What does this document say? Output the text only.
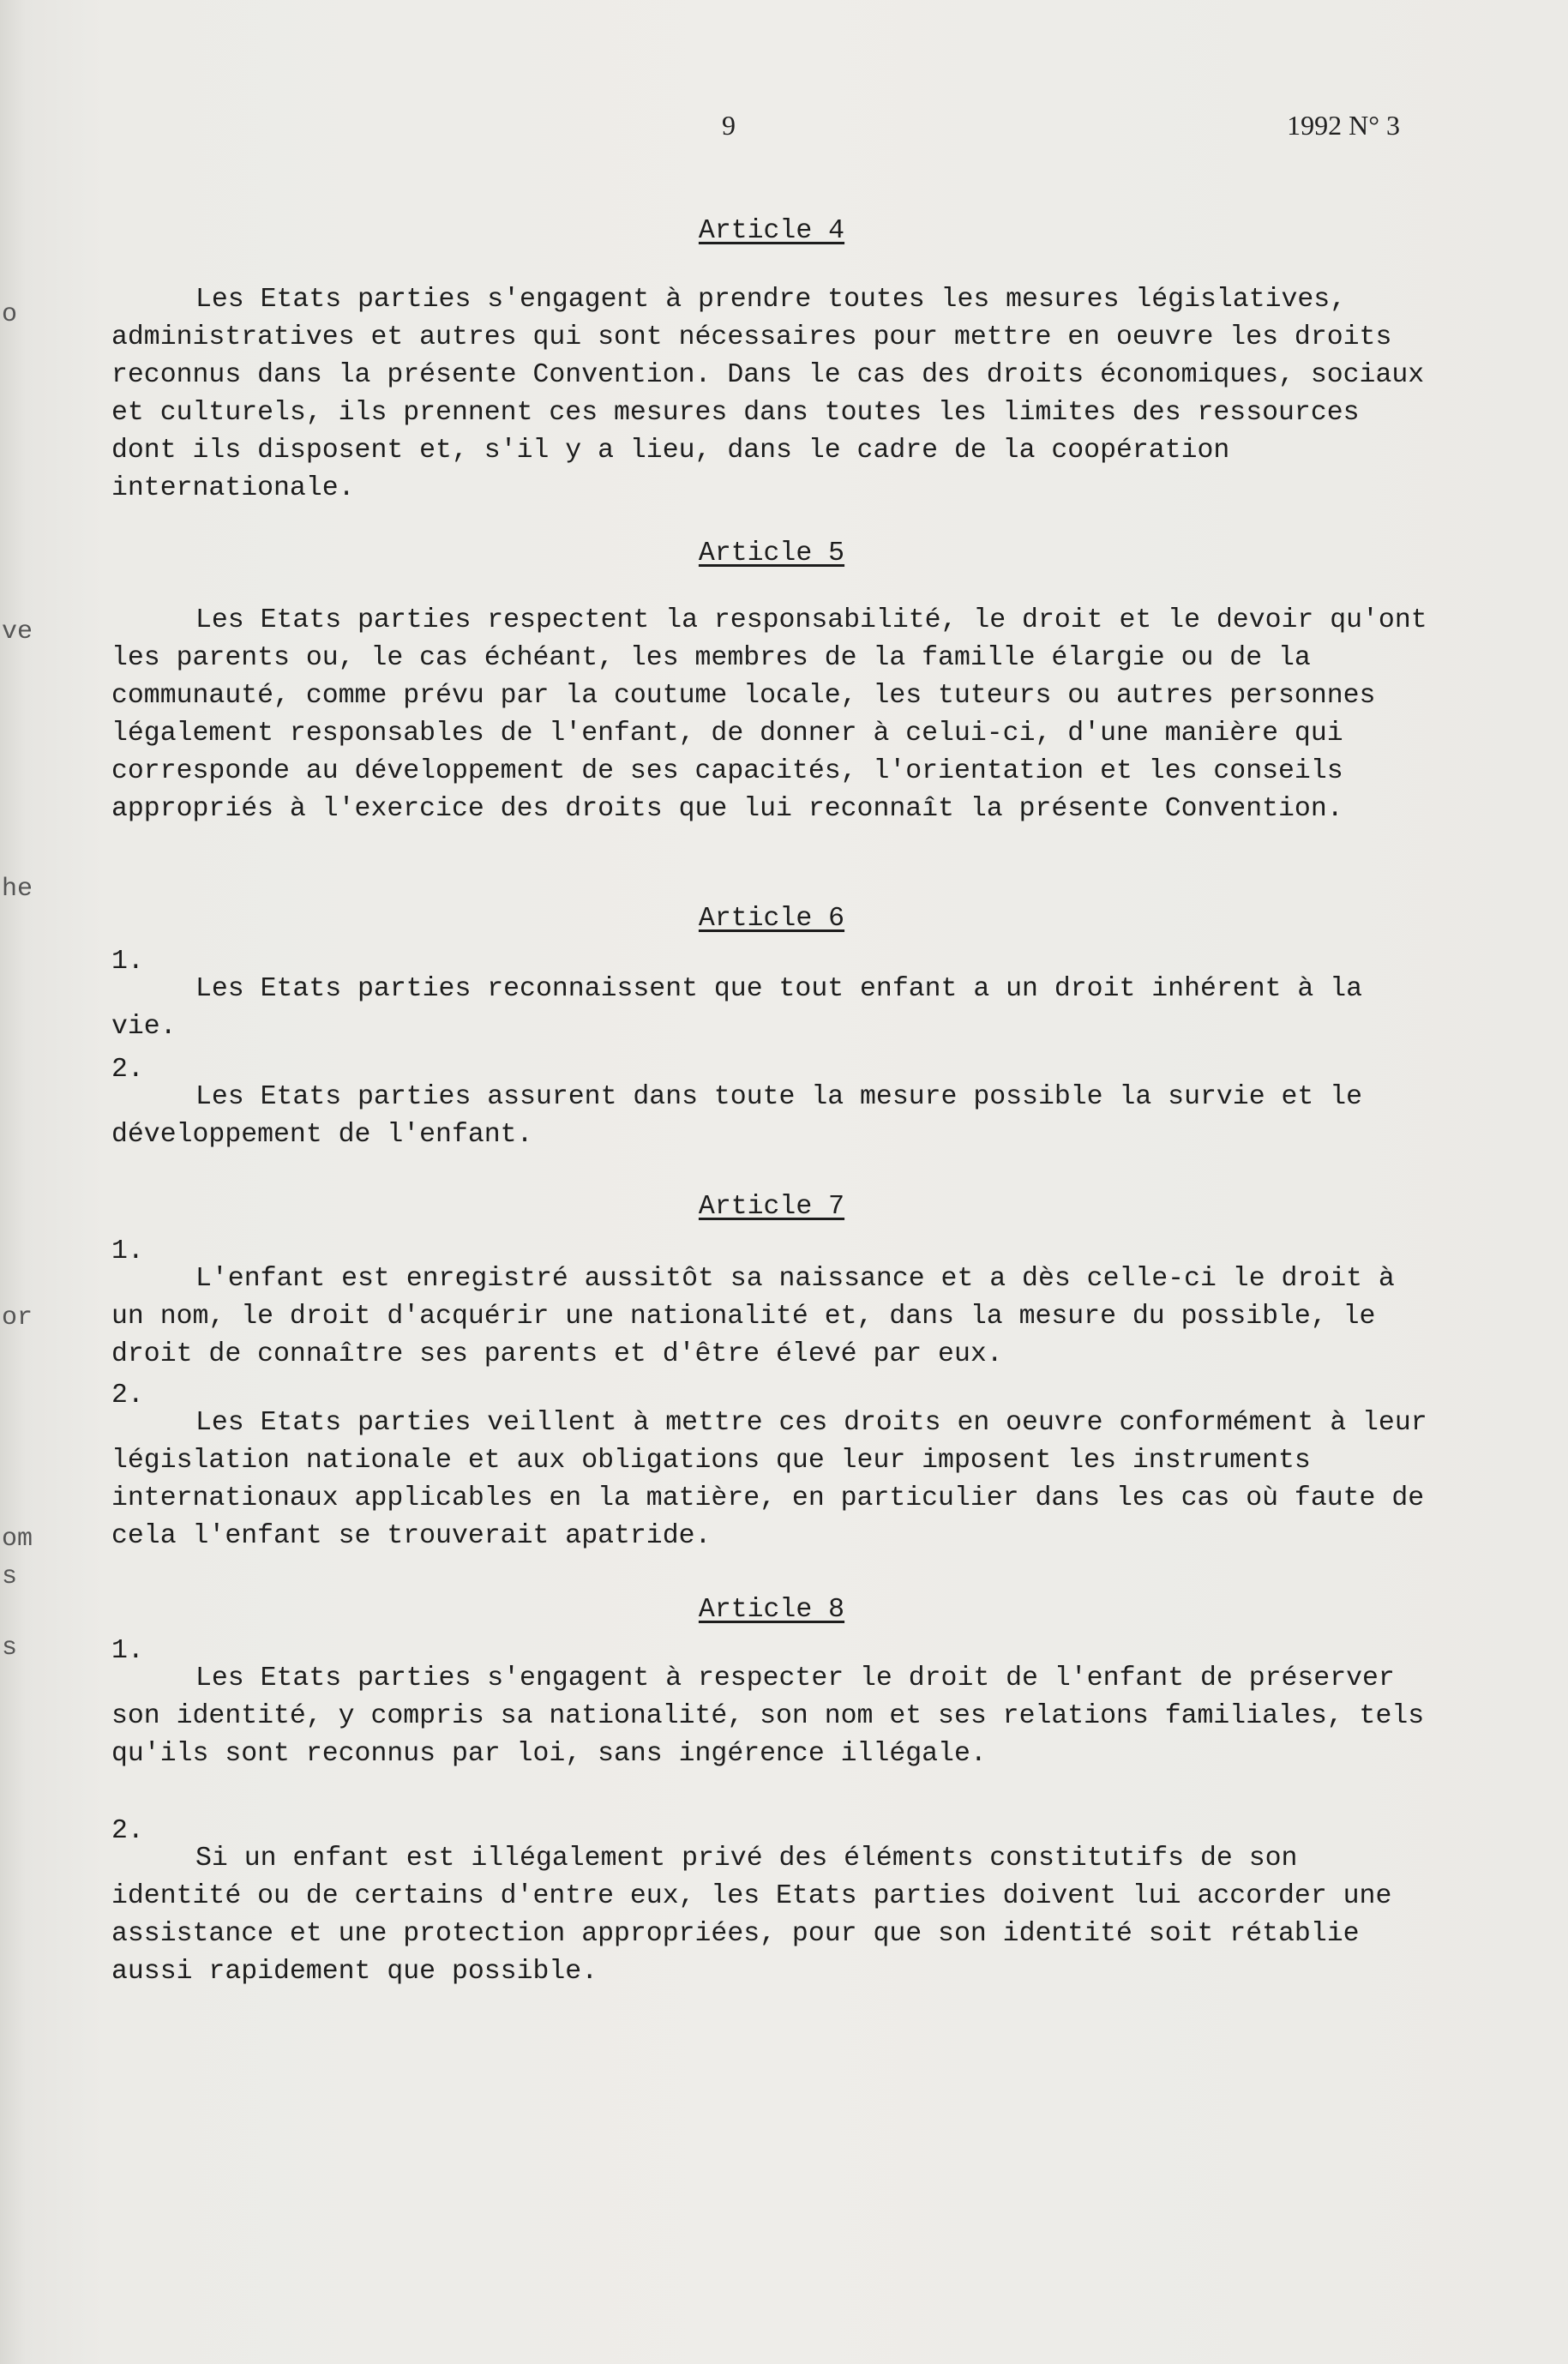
o
ve
he
or
om
s
s
9	1992 N° 3
Article 4
Les Etats parties s'engagent à prendre toutes les mesures législatives, administratives et autres qui sont nécessaires pour mettre en oeuvre les droits reconnus dans la présente Convention. Dans le cas des droits économiques, sociaux et culturels, ils prennent ces mesures dans toutes les limites des ressources dont ils disposent et, s'il y a lieu, dans le cadre de la coopération internationale.
Article 5
Les Etats parties respectent la responsabilité, le droit et le devoir qu'ont les parents ou, le cas échéant, les membres de la famille élargie ou de la communauté, comme prévu par la coutume locale, les tuteurs ou autres personnes légalement responsables de l'enfant, de donner à celui-ci, d'une manière qui corresponde au développement de ses capacités, l'orientation et les conseils appropriés à l'exercice des droits que lui reconnaît la présente Convention.
Article 6
1.
Les Etats parties reconnaissent que tout enfant a un droit inhérent à la vie.
2.
Les Etats parties assurent dans toute la mesure possible la survie et le développement de l'enfant.
Article 7
1.
L'enfant est enregistré aussitôt sa naissance et a dès celle-ci le droit à un nom, le droit d'acquérir une nationalité et, dans la mesure du possible, le droit de connaître ses parents et d'être élevé par eux.
2.
Les Etats parties veillent à mettre ces droits en oeuvre conformément à leur législation nationale et aux obligations que leur imposent les instruments internationaux applicables en la matière, en particulier dans les cas où faute de cela l'enfant se trouverait apatride.
Article 8
1.
Les Etats parties s'engagent à respecter le droit de l'enfant de préserver son identité, y compris sa nationalité, son nom et ses relations familiales, tels qu'ils sont reconnus par loi, sans ingérence illégale.
2.
Si un enfant est illégalement privé des éléments constitutifs de son identité ou de certains d'entre eux, les Etats parties doivent lui accorder une assistance et une protection appropriées, pour que son identité soit rétablie aussi rapidement que possible.
